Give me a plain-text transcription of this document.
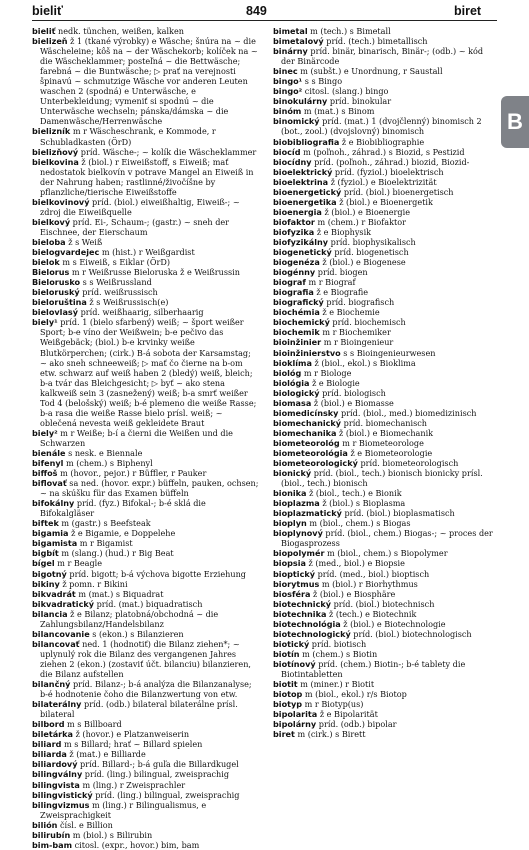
bieliť	849	biret

bieliť nedk. tünchen, weißen, kalken

bielizeň ž 1 (tkané výrobky) e Wäsche; šnúra na ~ die Wäscheleine; kôš na ~ der Wäschekorb; kolíček na ~ die Wäscheklammer; posteľná ~ die Bettwäsche; farebná ~ die Buntwäsche; ▷ prať na verejnosti špinavú ~ schmutzige Wäsche vor anderen Leuten waschen 2 (spodná) e Unterwäsche, e Unterbekleidung; vymeniť si spodnú ~ die Unterwäsche wechseln; pánska/dámska ~ die Damenwäsche/Herrenwäsche

bielizník m r Wäscheschrank, e Kommode, r Schubladkasten (ÖrD)

bielizňový príd. Wäsche-; ~ kolík die Wäscheklammer

bielkovina ž (biol.) r Eiweißstoff, s Eiweiß; mať nedostatok bielkovín v potrave Mangel an Eiweiß in der Nahrung haben; rastlinné/živočíšne by pflanzliche/tierische Eiweißstoffe

bielkovinový príd. (biol.) eiweißhaltig, Eiweiß-; ~ zdroj die Eiweißquelle

bielkový príd. Ei-, Schaum-; (gastr.) ~ sneh der Eischnee, der Eierschaum

bieloba ž s Weiß

bielogvardejec m (hist.) r Weißgardist

bielok m s Eiweiß, s Eiklar (ÖrD)

Bielorus m r Weißrusse Bieloruska ž e Weißrussin

Bielorusko s s Weißrussland

bieloruský príd. weißrussisch

bieloruština ž s Weißrussisch(e)

bielovlasý príd. weißhaarig, silberhaarig

biely¹ príd. 1 (bielo sfarbený) weiß; ~ šport weißer Sport; b-e víno der Weißwein; b-e pečivo das Weißgebäck; (biol.) b-e krvinky weiße Blutkörperchen; (cirk.) B-á sobota der Karsamstag; ~ ako sneh schneeweiß; ▷ mať čo čierne na b-om etw. schwarz auf weiß haben 2 (bledý) weiß, bleich; b-a tvár das Bleichgesicht; ▷ byť ~ ako stena kalkweiß sein 3 (zasnežený) weiß; b-a smrť weißer Tod 4 (belošský) weiß; b-é plemeno die weiße Rasse; b-a rasa die weiße Rasse bielo prísl. weiß; ~ oblečená nevesta weiß gekleidete Braut

biely² m r Weiße; b-í a čierni die Weißen und die Schwarzen

bienále s nesk. e Biennale

bifenyl m (chem.) s Biphenyl

biffoš m (hovor., pejor.) r Büffler, r Pauker

biflovať sa ned. (hovor. expr.) büffeln, pauken, ochsen; ~ na skúšku für das Examen büffeln

bifokálny príd. (fyz.) Bifokal-; b-é sklá die Bifokalgläser

biftek m (gastr.) s Beefsteak

bigamia ž e Bigamie, e Doppelehe

bigamista m r Bigamist

bigbít m (slang.) (hud.) r Big Beat

bígel m r Beagle

bigotný príd. bigott; b-á výchova bigotte Erziehung

bikiny ž pomn. r Bikini

bikvadrát m (mat.) s Biquadrat

bikvadratický príd. (mat.) biquadratisch

bilancia ž e Bilanz; platobná/obchodná ~ die Zahlungsbilanz/Handelsbilanz

bilancovanie s (ekon.) s Bilanzieren

bilancovať ned. 1 (hodnotiť) die Bilanz ziehen*; ~ uplynulý rok die Bilanz des vergangenen Jahres ziehen 2 (ekon.) (zostaviť účt. bilanciu) bilanzieren, die Bilanz aufstellen

bilančný príd. Bilanz-; b-á analýza die Bilanzanalyse; b-é hodnotenie čoho die Bilanzwertung von etw.

bilaterálny príd. (odb.) bilateral bilaterálne prísl. bilateral

bilbord m s Billboard

biletárka ž (hovor.) e Platzanweiserin

biliard m s Billard; hrať ~ Billard spielen

biliarda ž (mat.) e Billiarde

biliardový príd. Billard-; b-á guľa die Billardkugel

bilingválny príd. (ling.) bilingual, zweisprachig

bilingvista m (ling.) r Zweisprachler

bilingvistický príd. (ling.) bilingual, zweisprachig

bilingvizmus m (ling.) r Bilingualismus, e Zweisprachigkeit

bilión čísl. e Billion

bilirubín m (biol.) s Bilirubin

bim-bam citosl. (expr., hovor.) bim, bam

bimetal m (tech.) s Bimetall

bimetalový príd. (tech.) bimetallisch

binárny príd. binär, binarisch, Binär-; (odb.) ~ kód der Binärcode

binec m (subšt.) e Unordnung, r Saustall

bingo¹ s s Bingo

bingo² citosl. (slang.) bingo

binokulárny príd. binokular

binóm m (mat.) s Binom

binomický príd. (mat.) 1 (dvojčlenný) binomisch 2 (bot., zool.) (dvojslovný) binomisch

biobibliografia ž e Biobibliographie

biocíd m (poľnoh., záhrad.) s Biozid, s Pestizid

biocídny príd. (poľnoh., záhrad.) biozid, Biozid-

bioelektrický príd. (fyziol.) bioelektrisch

bioelektrina ž (fyziol.) e Bioelektrizität

bioenergetický príd. (biol.) bioenergetisch

bioenergetika ž (biol.) e Bioenergetik

bioenergia ž (biol.) e Bioenergie

biofaktor m (chem.) r Biofaktor

biofyzika ž e Biophysik

biofyzikálny príd. biophysikalisch

biogenetický príd. biogenetisch

biogenéza ž (biol.) e Biogenese

biogénny príd. biogen

biograf m r Biograf

biografia ž e Biografie

biografický príd. biografisch

biochémia ž e Biochemie

biochemický príd. biochemisch

biochemik m r Biochemiker

bioinžinier m r Bioingenieur

bioinžinierstvo s s Bioingenieurwesen

bioklíma ž (biol., ekol.) s Bioklima

biológ m r Biologe

biológia ž e Biologie

biologický príd. biologisch

biomasa ž (biol.) e Biomasse

biomedicínsky príd. (biol., med.) biomedizinisch

biomechanický príd. biomechanisch

biomechanika ž (biol.) e Biomechanik

biometeorológ m r Biometeorologe

biometeorológia ž e Biometeorologie

biometeorologický príd. biometeorologisch

bionický príd. (biol., tech.) bionisch bionicky prísl. (biol., tech.) bionisch

bionika ž (biol., tech.) e Bionik

bioplazma ž (biol.) s Bioplasma

bioplazmatický príd. (biol.) bioplasmatisch

bioplyn m (biol., chem.) s Biogas

bioplynový príd. (biol., chem.) Biogas-; ~ proces der Biogasprozess

biopolymér m (biol., chem.) s Biopolymer

biopsia ž (med., biol.) e Biopsie

bioptický príd. (med., biol.) bioptisch

biorytmus m (biol.) r Biorhythmus

biosféra ž (biol.) e Biosphäre

biotechnický príd. (biol.) biotechnisch

biotechnika ž (tech.) e Biotechnik

biotechnológia ž (biol.) e Biotechnologie

biotechnologický príd. (biol.) biotechnologisch

biotický príd. biotisch

biotín m (chem.) s Biotin

biotínový príd. (chem.) Biotin-; b-é tablety die Biotintabletten

biotit m (miner.) r Biotit

biotop m (biol., ekol.) r/s Biotop

biotyp m r Biotyp(us)

bipolarita ž e Bipolarität

bipolárny príd. (odb.) bipolar

biret m (cirk.) s Birett

B
